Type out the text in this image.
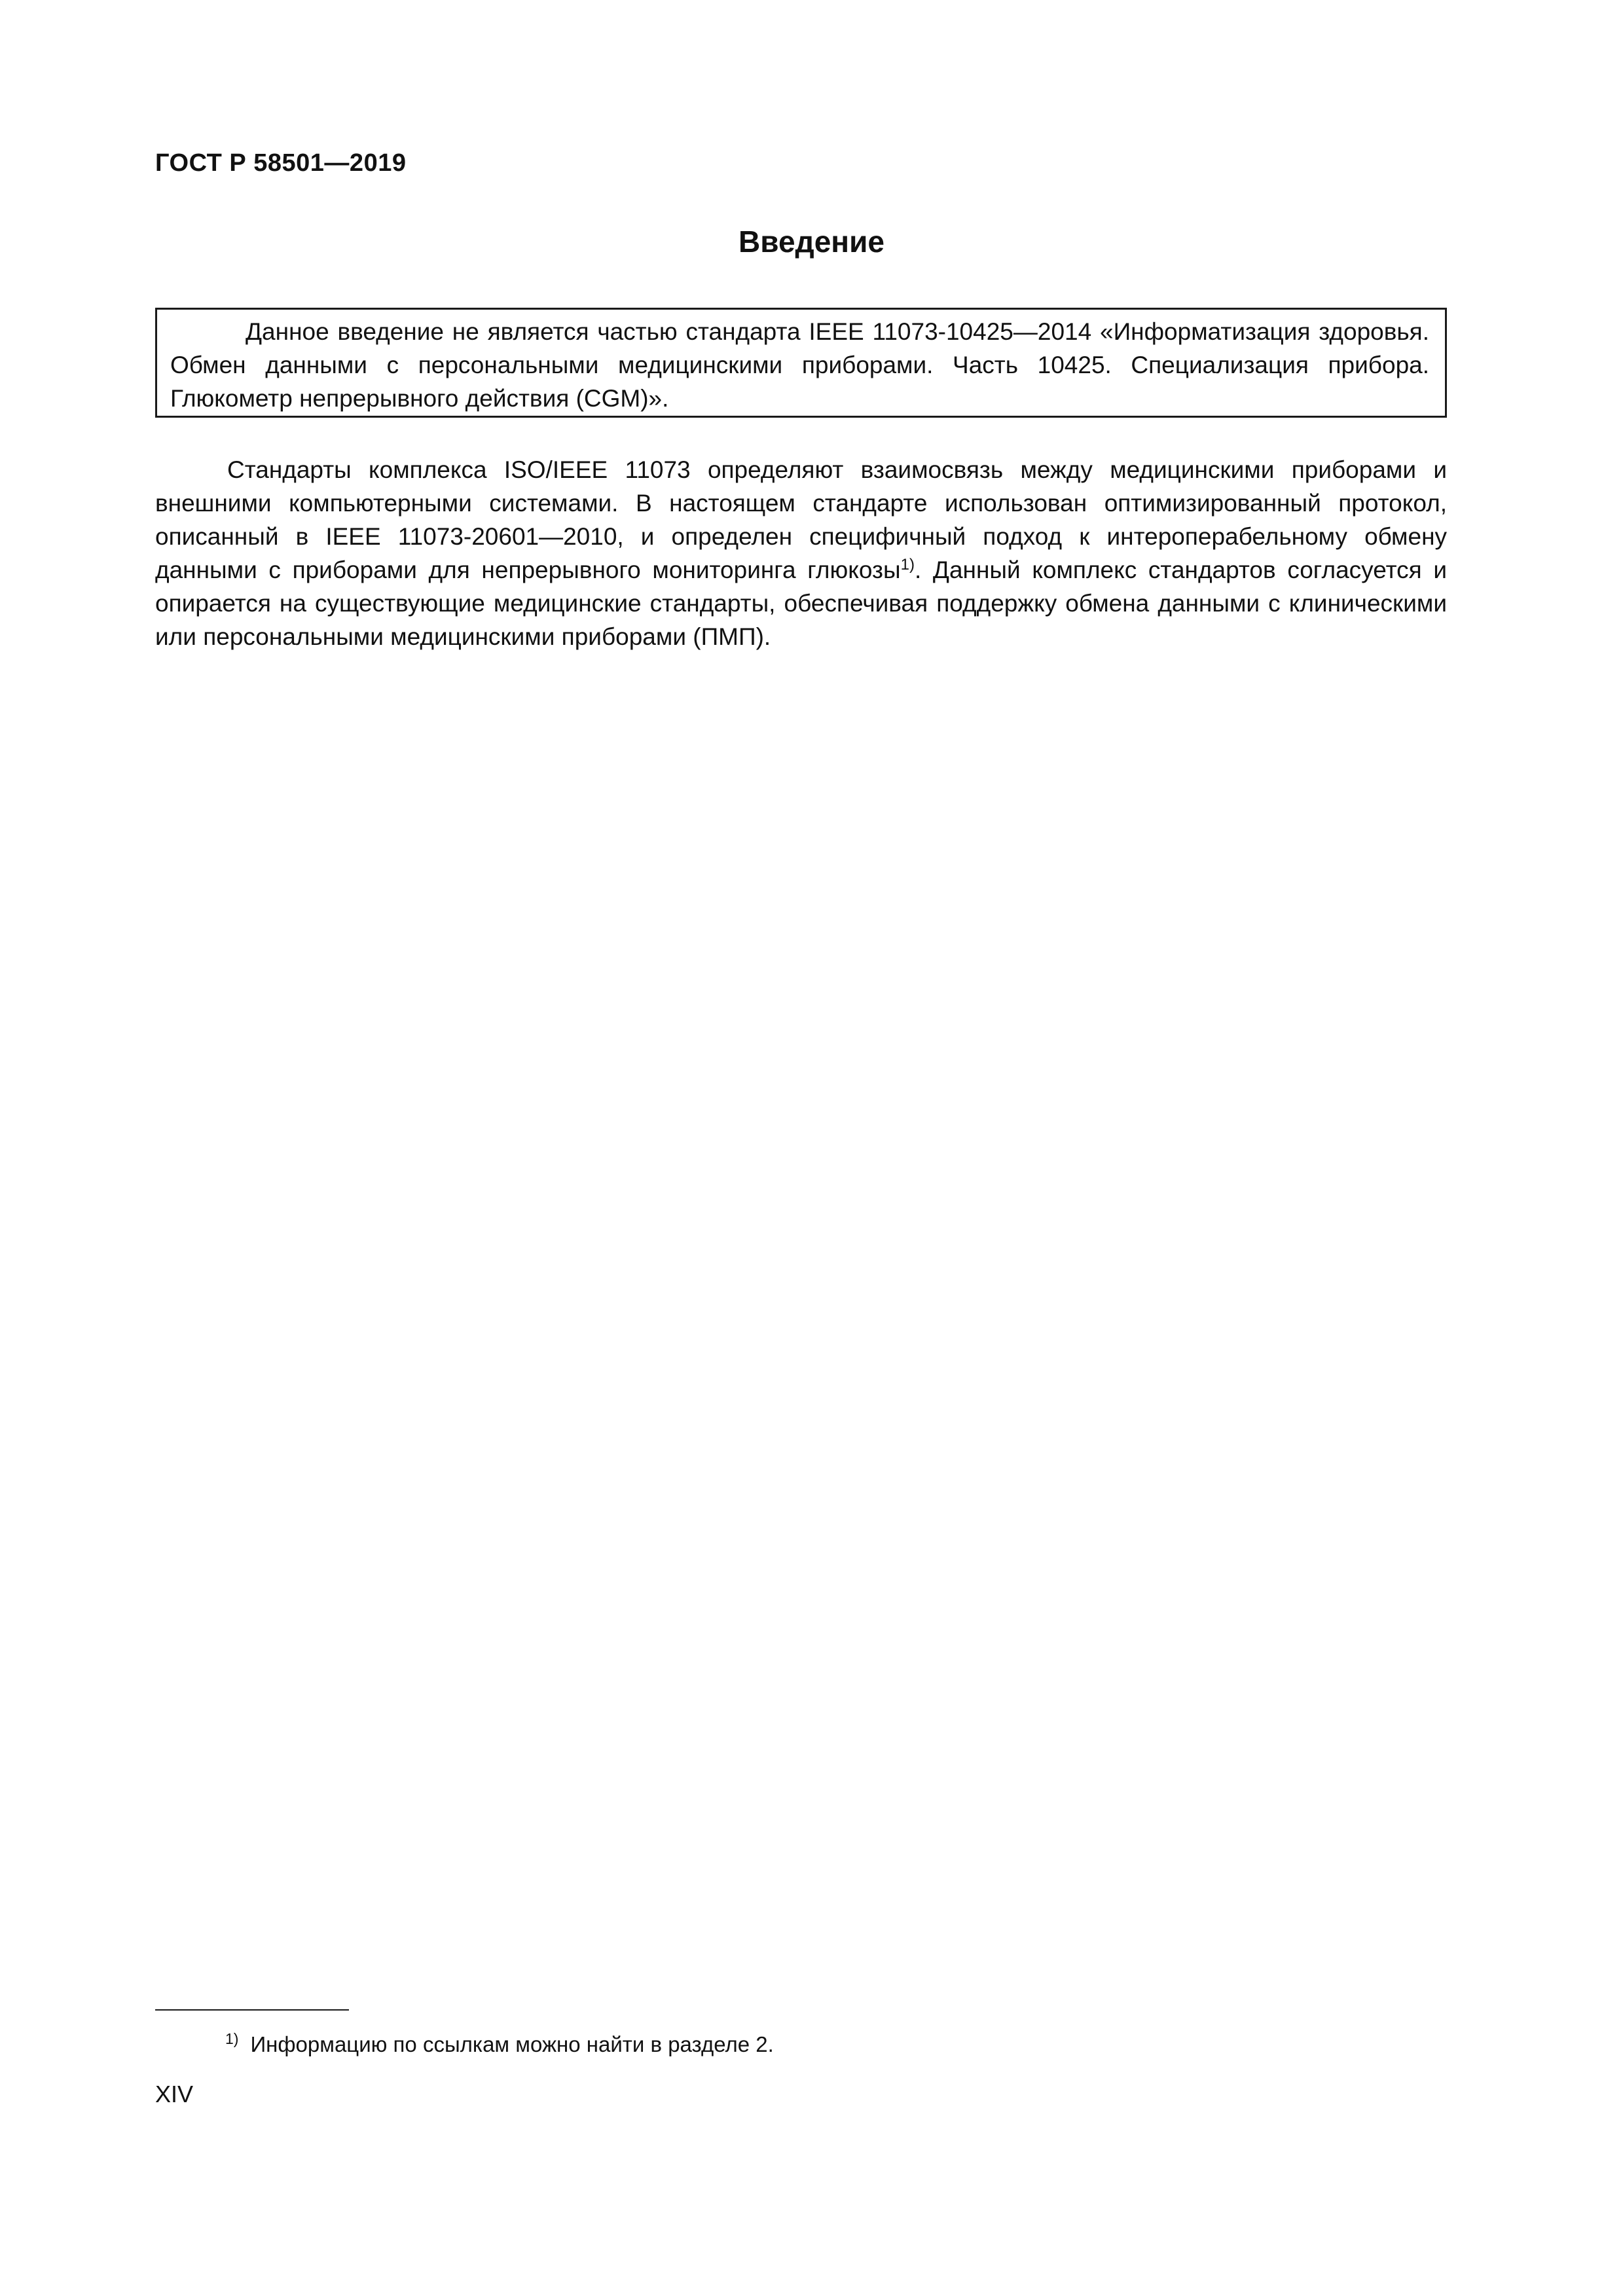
ГОСТ Р 58501—2019
Введение

Данное введение не является частью стандарта IEEE 11073-10425—2014 «Информатизация здоровья. Обмен данными с персональными медицинскими приборами. Часть 10425. Специализация прибора. Глюкометр непрерывного действия (CGM)».

Стандарты комплекса ISO/IEEE 11073 определяют взаимосвязь между медицинскими приборами и внешними компьютерными системами. В настоящем стандарте использован оптимизированный протокол, описанный в IEEE 11073-20601—2010, и определен специфичный подход к интероперабельному обмену данными с приборами для непрерывного мониторинга глюкозы$^{1)}$. Данный комплекс стандартов согласуется и опирается на существующие медицинские стандарты, обеспечивая поддержку обмена данными с клиническими или персональными медицинскими приборами (ПМП).

$^{1)}$ Информацию по ссылкам можно найти в разделе 2.
XIV
